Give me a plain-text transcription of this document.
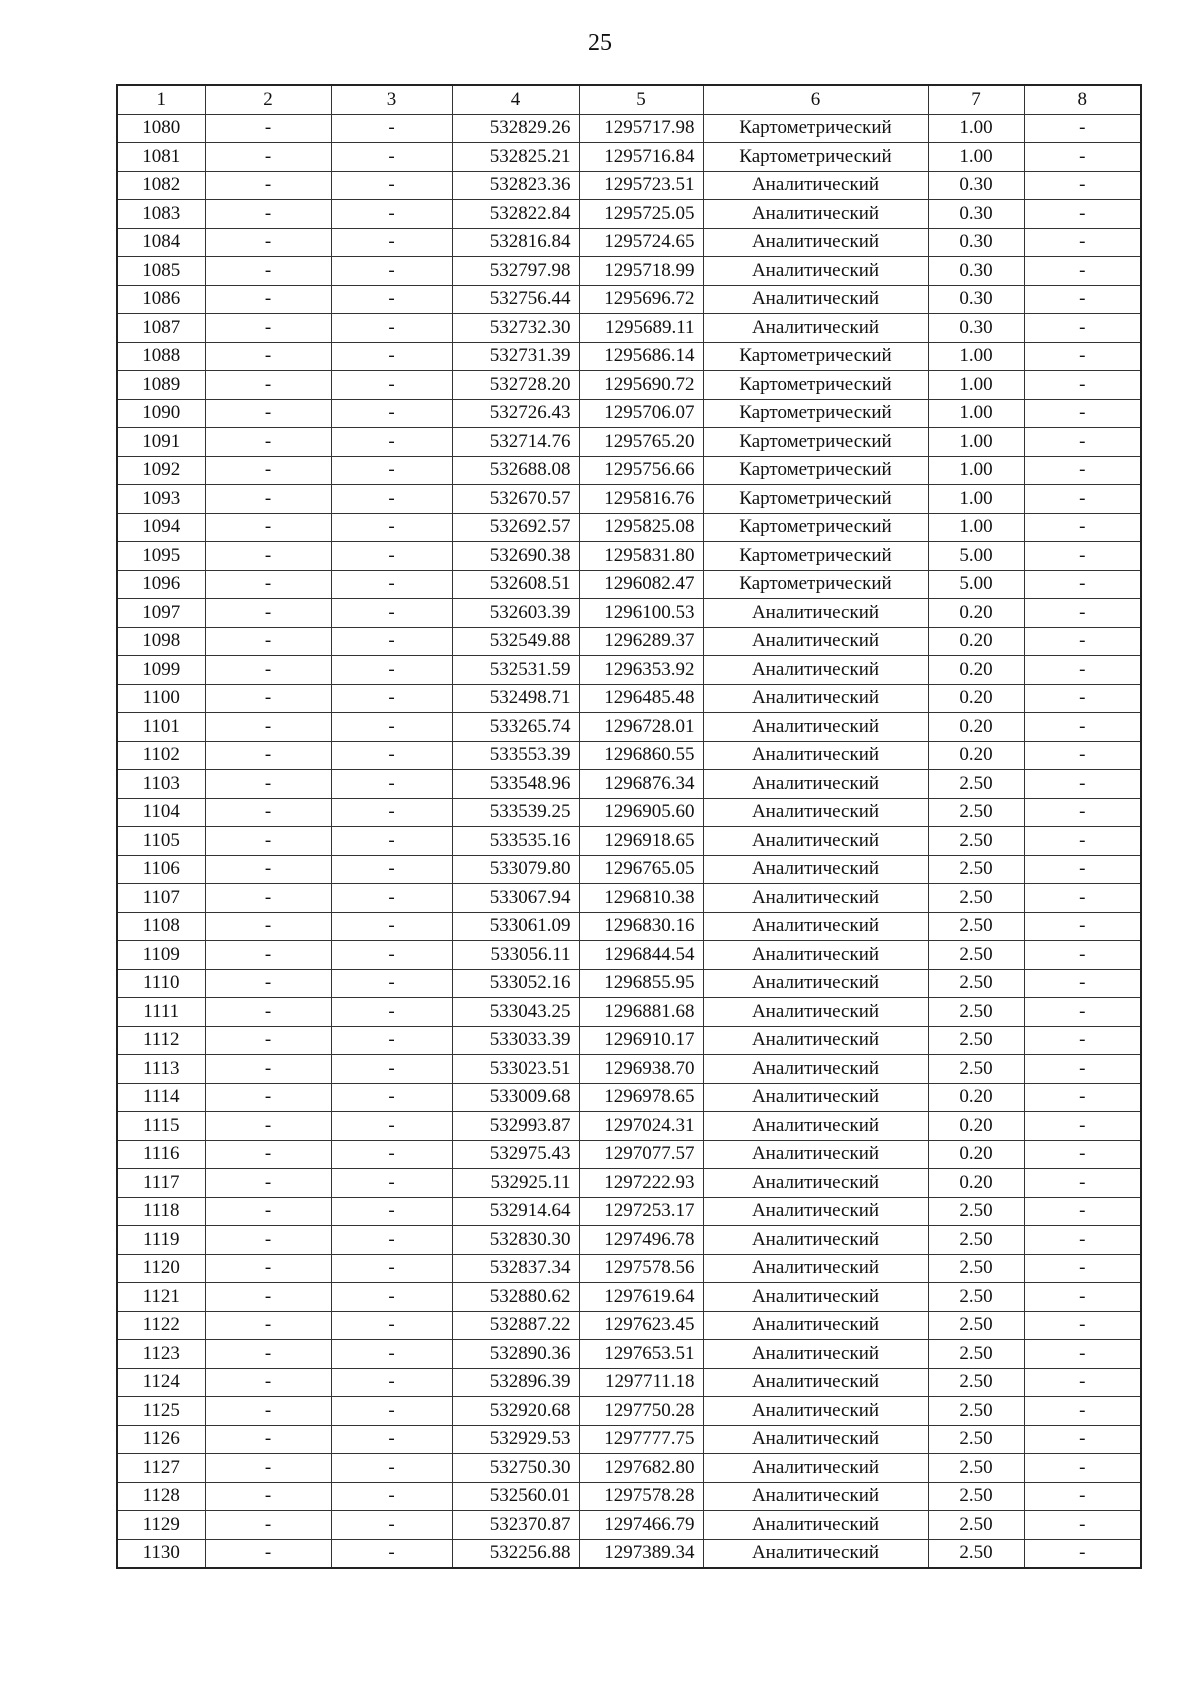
25
1	2	3	4	5	6	7	8
1080	-	-	532829.26	1295717.98	Картометрический	1.00	-
1081	-	-	532825.21	1295716.84	Картометрический	1.00	-
1082	-	-	532823.36	1295723.51	Аналитический	0.30	-
1083	-	-	532822.84	1295725.05	Аналитический	0.30	-
1084	-	-	532816.84	1295724.65	Аналитический	0.30	-
1085	-	-	532797.98	1295718.99	Аналитический	0.30	-
1086	-	-	532756.44	1295696.72	Аналитический	0.30	-
1087	-	-	532732.30	1295689.11	Аналитический	0.30	-
1088	-	-	532731.39	1295686.14	Картометрический	1.00	-
1089	-	-	532728.20	1295690.72	Картометрический	1.00	-
1090	-	-	532726.43	1295706.07	Картометрический	1.00	-
1091	-	-	532714.76	1295765.20	Картометрический	1.00	-
1092	-	-	532688.08	1295756.66	Картометрический	1.00	-
1093	-	-	532670.57	1295816.76	Картометрический	1.00	-
1094	-	-	532692.57	1295825.08	Картометрический	1.00	-
1095	-	-	532690.38	1295831.80	Картометрический	5.00	-
1096	-	-	532608.51	1296082.47	Картометрический	5.00	-
1097	-	-	532603.39	1296100.53	Аналитический	0.20	-
1098	-	-	532549.88	1296289.37	Аналитический	0.20	-
1099	-	-	532531.59	1296353.92	Аналитический	0.20	-
1100	-	-	532498.71	1296485.48	Аналитический	0.20	-
1101	-	-	533265.74	1296728.01	Аналитический	0.20	-
1102	-	-	533553.39	1296860.55	Аналитический	0.20	-
1103	-	-	533548.96	1296876.34	Аналитический	2.50	-
1104	-	-	533539.25	1296905.60	Аналитический	2.50	-
1105	-	-	533535.16	1296918.65	Аналитический	2.50	-
1106	-	-	533079.80	1296765.05	Аналитический	2.50	-
1107	-	-	533067.94	1296810.38	Аналитический	2.50	-
1108	-	-	533061.09	1296830.16	Аналитический	2.50	-
1109	-	-	533056.11	1296844.54	Аналитический	2.50	-
1110	-	-	533052.16	1296855.95	Аналитический	2.50	-
1111	-	-	533043.25	1296881.68	Аналитический	2.50	-
1112	-	-	533033.39	1296910.17	Аналитический	2.50	-
1113	-	-	533023.51	1296938.70	Аналитический	2.50	-
1114	-	-	533009.68	1296978.65	Аналитический	0.20	-
1115	-	-	532993.87	1297024.31	Аналитический	0.20	-
1116	-	-	532975.43	1297077.57	Аналитический	0.20	-
1117	-	-	532925.11	1297222.93	Аналитический	0.20	-
1118	-	-	532914.64	1297253.17	Аналитический	2.50	-
1119	-	-	532830.30	1297496.78	Аналитический	2.50	-
1120	-	-	532837.34	1297578.56	Аналитический	2.50	-
1121	-	-	532880.62	1297619.64	Аналитический	2.50	-
1122	-	-	532887.22	1297623.45	Аналитический	2.50	-
1123	-	-	532890.36	1297653.51	Аналитический	2.50	-
1124	-	-	532896.39	1297711.18	Аналитический	2.50	-
1125	-	-	532920.68	1297750.28	Аналитический	2.50	-
1126	-	-	532929.53	1297777.75	Аналитический	2.50	-
1127	-	-	532750.30	1297682.80	Аналитический	2.50	-
1128	-	-	532560.01	1297578.28	Аналитический	2.50	-
1129	-	-	532370.87	1297466.79	Аналитический	2.50	-
1130	-	-	532256.88	1297389.34	Аналитический	2.50	-
